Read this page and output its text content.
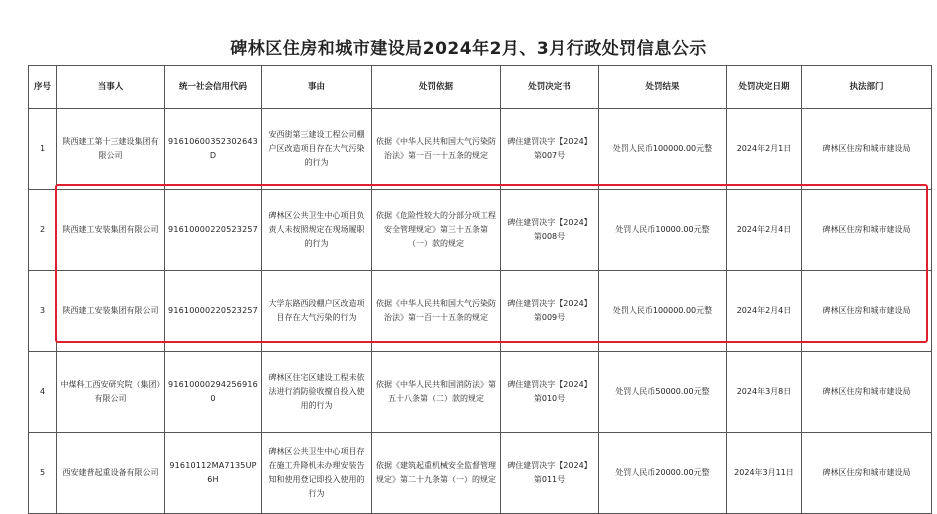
碑林区住房和城市建设局2024年2月、3月行政处罚信息公示
序号	当事人	统一社会信用代码	事由	处罚依据	处罚决定书	处罚结果	处罚决定日期	执法部门
1	陕西建工第十三建设集团有限公司	91610600352302643D	安西街第三建设工程公司棚户区改造项目存在大气污染的行为	依据《中华人民共和国大气污染防治法》第一百一十五条的规定	碑住建罚决字【2024】第007号	处罚人民币100000.00元整	2024年2月1日	碑林区住房和城市建设局
2	陕西建工安装集团有限公司	91610000220523257	碑林区公共卫生中心项目负责人未按照规定在现场履职的行为	依据《危险性较大的分部分项工程安全管理规定》第三十五条第（一）款的规定	碑住建罚决字【2024】第008号	处罚人民币10000.00元整	2024年2月4日	碑林区住房和城市建设局
3	陕西建工安装集团有限公司	91610000220523257	大学东路西段棚户区改造项目存在大气污染的行为	依据《中华人民共和国大气污染防治法》第一百一十五条的规定	碑住建罚决字【2024】第009号	处罚人民币100000.00元整	2024年2月4日	碑林区住房和城市建设局
4	中煤科工西安研究院（集团）有限公司	91610000294256916 0	碑林区住宅区建设工程未依法进行消防验收擅自投入使用的行为	依据《中华人民共和国消防法》第五十八条第（二）款的规定	碑住建罚决字【2024】第010号	处罚人民币50000.00元整	2024年3月8日	碑林区住房和城市建设局
5	西安建普起重设备有限公司	91610112MA7135UP6H	碑林区公共卫生中心项目存在施工升降机未办理安装告知和使用登记即投入使用的行为	依据《建筑起重机械安全监督管理规定》第二十九条第（一）的规定	碑住建罚决字【2024】第011号	处罚人民币20000.00元整	2024年3月11日	碑林区住房和城市建设局
